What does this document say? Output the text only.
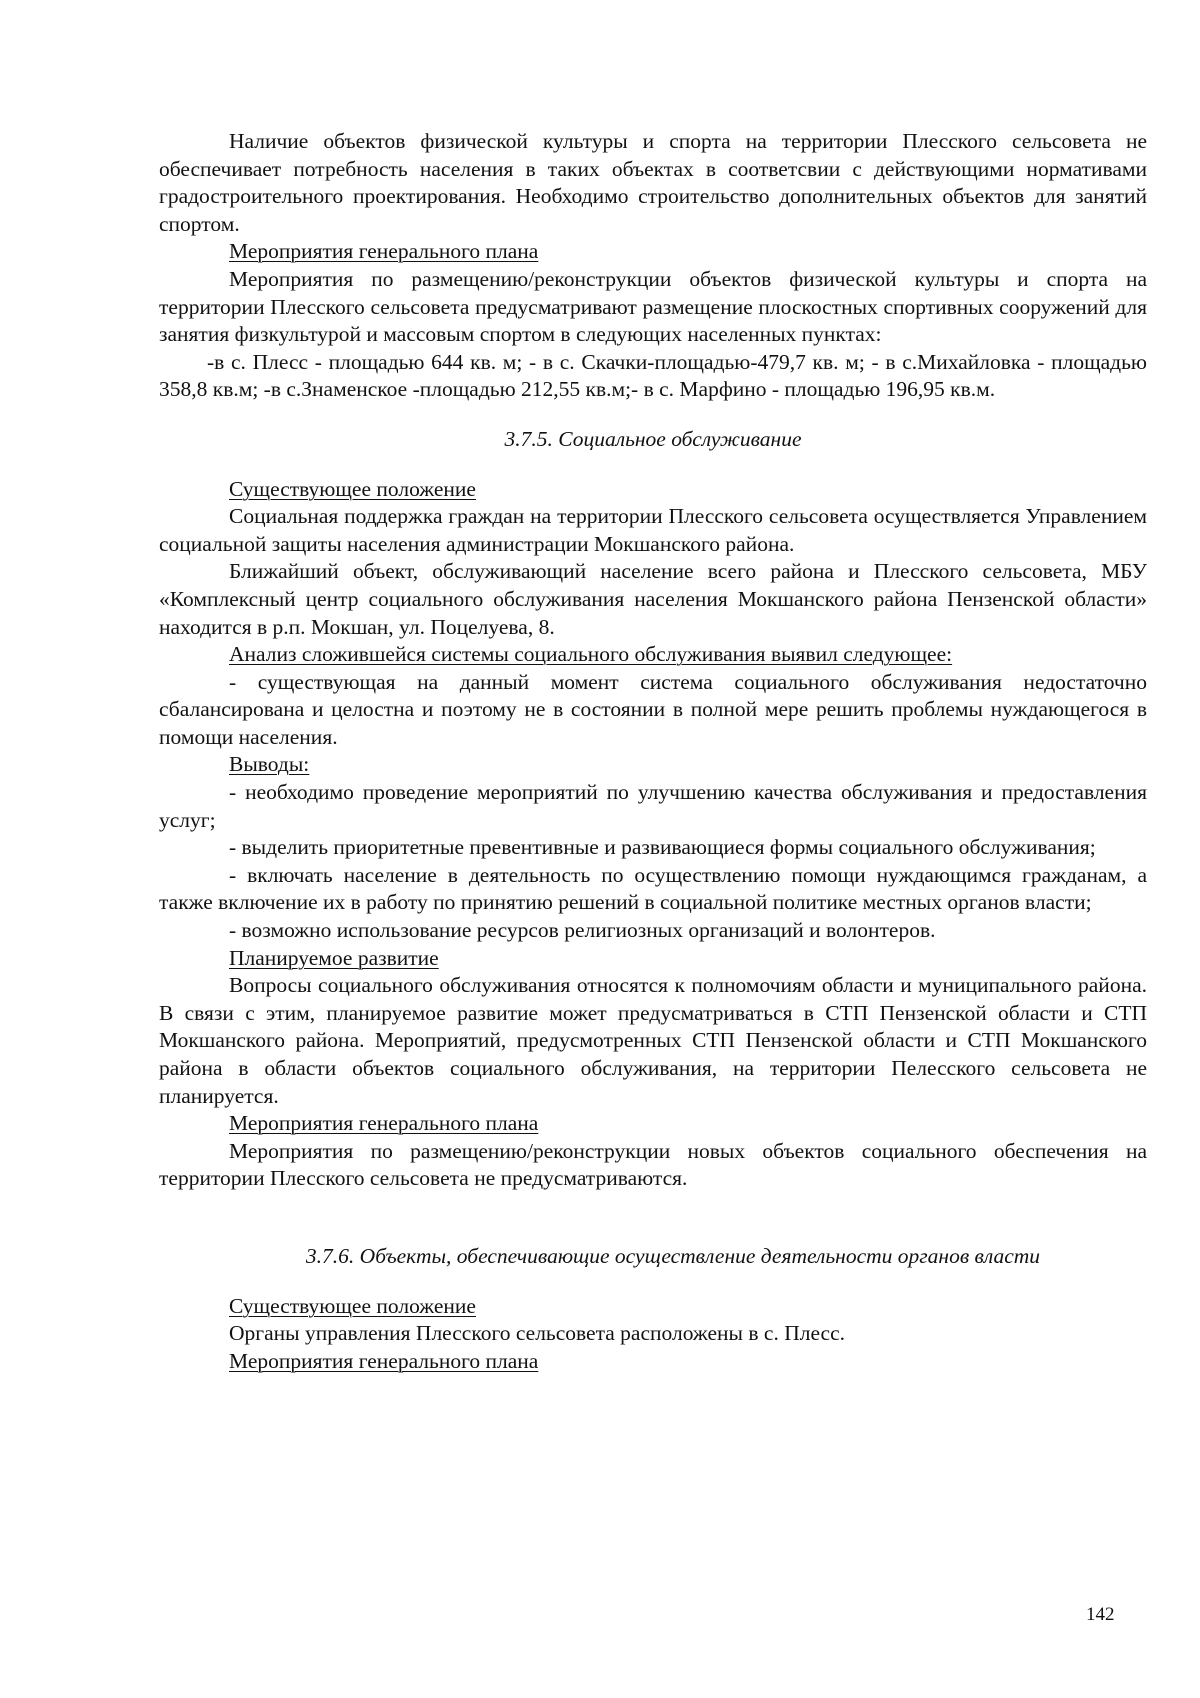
Наличие объектов физической культуры и спорта на территории Плесского сельсовета не обеспечивает потребность населения в таких объектах в соответсвии с действующими нормативами градостроительного проектирования. Необходимо строительство дополнительных объектов для занятий спортом.

Мероприятия генерального плана

Мероприятия по размещению/реконструкции объектов физической культуры и спорта на территории Плесского сельсовета предусматривают размещение плоскостных спортивных сооружений для занятия физкультурой и массовым спортом в следующих населенных пунктах:

-в с. Плесс - площадью 644 кв. м; - в с. Скачки-площадью-479,7 кв. м; - в с.Михайловка - площадью 358,8 кв.м; -в с.Знаменское -площадью 212,55 кв.м;- в с. Марфино - площадью 196,95 кв.м.

3.7.5. Социальное обслуживание

Существующее положение

Социальная поддержка граждан на территории Плесского сельсовета осуществляется Управлением социальной защиты населения администрации Мокшанского района.

Ближайший объект, обслуживающий население всего района и Плесского сельсовета, МБУ «Комплексный центр социального обслуживания населения Мокшанского района Пензенской области» находится в р.п. Мокшан, ул. Поцелуева, 8.

Анализ сложившейся системы социального обслуживания выявил следующее:

- существующая на данный момент система социального обслуживания недостаточно сбалансирована и целостна и поэтому не в состоянии в полной мере решить проблемы нуждающегося в помощи населения.

Выводы:

- необходимо проведение мероприятий по улучшению качества обслуживания и предоставления услуг;

- выделить приоритетные превентивные и развивающиеся формы социального обслуживания;

- включать население в деятельность по осуществлению помощи нуждающимся гражданам, а также включение их в работу по принятию решений в социальной политике местных органов власти;

- возможно использование ресурсов религиозных организаций и волонтеров.

Планируемое развитие

Вопросы социального обслуживания относятся к полномочиям области и муниципального района. В связи с этим, планируемое развитие может предусматриваться в СТП Пензенской области и СТП Мокшанского района. Мероприятий, предусмотренных СТП Пензенской области и СТП Мокшанского района в области объектов социального обслуживания, на территории Пелесского сельсовета не планируется.

Мероприятия генерального плана

Мероприятия по размещению/реконструкции новых объектов социального обеспечения на территории Плесского сельсовета не предусматриваются.

3.7.6. Объекты, обеспечивающие осуществление деятельности органов власти

Существующее положение

Органы управления Плесского сельсовета расположены в с. Плесс.

Мероприятия генерального плана

142
